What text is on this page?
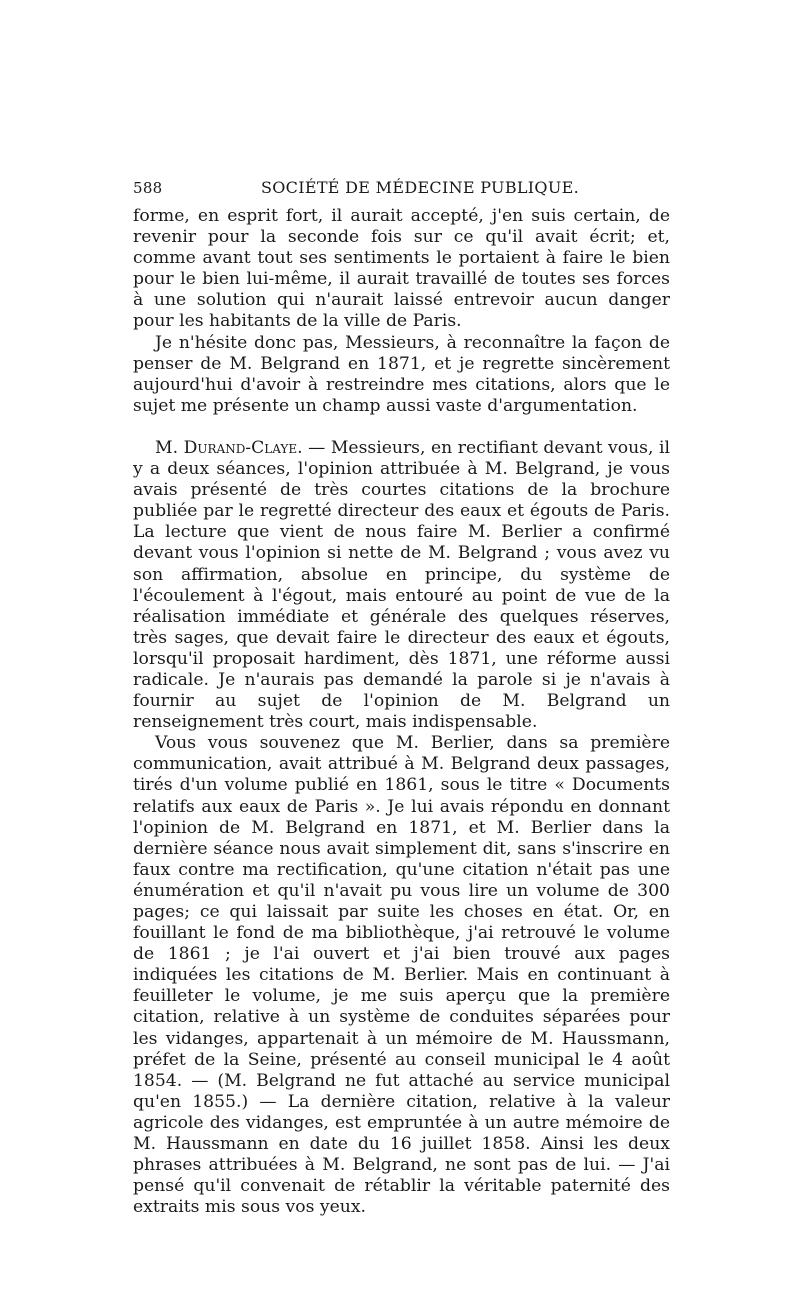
588	SOCIÉTÉ DE MÉDECINE PUBLIQUE.

forme, en esprit fort, il aurait accepté, j'en suis certain, de revenir pour la seconde fois sur ce qu'il avait écrit; et, comme avant tout ses sentiments le portaient à faire le bien pour le bien lui-même, il aurait travaillé de toutes ses forces à une solution qui n'aurait laissé entrevoir aucun danger pour les habitants de la ville de Paris.

Je n'hésite donc pas, Messieurs, à reconnaître la façon de penser de M. Belgrand en 1871, et je regrette sincèrement aujourd'hui d'avoir à restreindre mes citations, alors que le sujet me présente un champ aussi vaste d'argumentation.

M. Durand-Claye. — Messieurs, en rectifiant devant vous, il y a deux séances, l'opinion attribuée à M. Belgrand, je vous avais présenté de très courtes citations de la brochure publiée par le regretté directeur des eaux et égouts de Paris. La lecture que vient de nous faire M. Berlier a confirmé devant vous l'opinion si nette de M. Belgrand ; vous avez vu son affirmation, absolue en principe, du système de l'écoulement à l'égout, mais entouré au point de vue de la réalisation immédiate et générale des quelques réserves, très sages, que devait faire le directeur des eaux et égouts, lorsqu'il proposait hardiment, dès 1871, une réforme aussi radicale. Je n'aurais pas demandé la parole si je n'avais à fournir au sujet de l'opinion de M. Belgrand un renseignement très court, mais indispensable.

Vous vous souvenez que M. Berlier, dans sa première communication, avait attribué à M. Belgrand deux passages, tirés d'un volume publié en 1861, sous le titre « Documents relatifs aux eaux de Paris ». Je lui avais répondu en donnant l'opinion de M. Belgrand en 1871, et M. Berlier dans la dernière séance nous avait simplement dit, sans s'inscrire en faux contre ma rectification, qu'une citation n'était pas une énumération et qu'il n'avait pu vous lire un volume de 300 pages; ce qui laissait par suite les choses en état. Or, en fouillant le fond de ma bibliothèque, j'ai retrouvé le volume de 1861 ; je l'ai ouvert et j'ai bien trouvé aux pages indiquées les citations de M. Berlier. Mais en continuant à feuilleter le volume, je me suis aperçu que la première citation, relative à un système de conduites séparées pour les vidanges, appartenait à un mémoire de M. Haussmann, préfet de la Seine, présenté au conseil municipal le 4 août 1854. — (M. Belgrand ne fut attaché au service municipal qu'en 1855.) — La dernière citation, relative à la valeur agricole des vidanges, est empruntée à un autre mémoire de M. Haussmann en date du 16 juillet 1858. Ainsi les deux phrases attribuées à M. Belgrand, ne sont pas de lui. — J'ai pensé qu'il convenait de rétablir la véritable paternité des extraits mis sous vos yeux.
